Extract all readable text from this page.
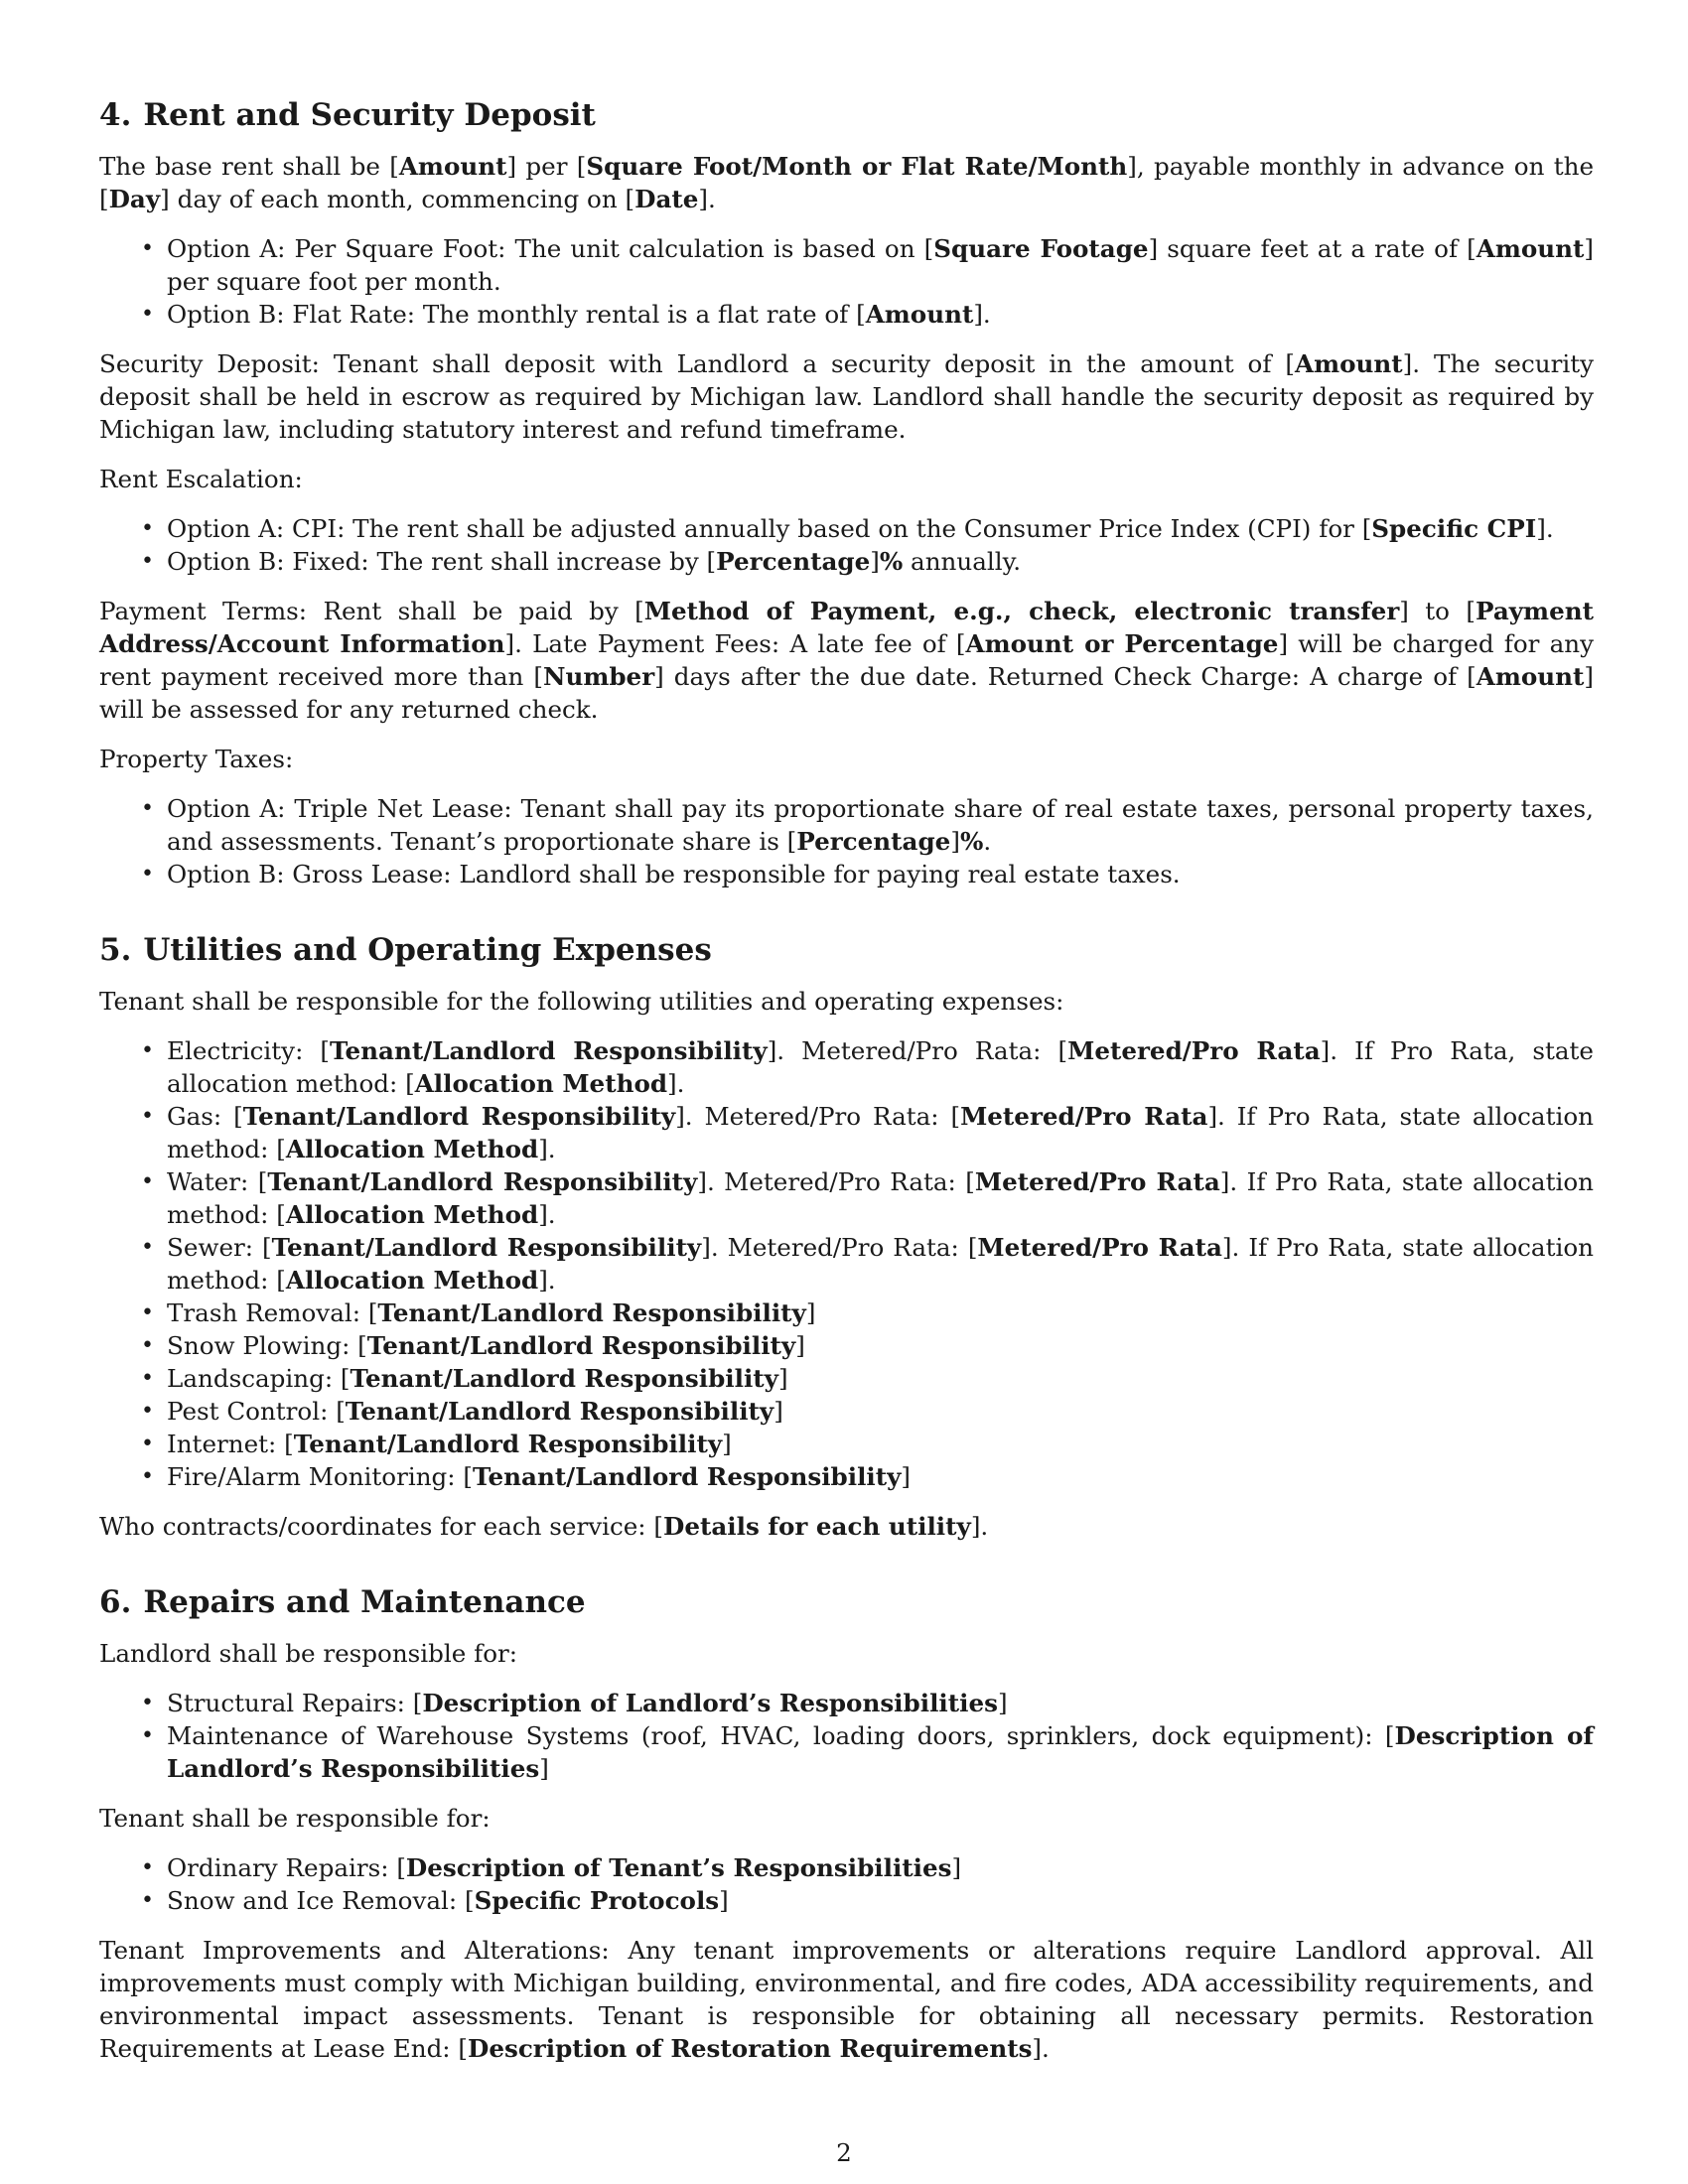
4. Rent and Security Deposit

The base rent shall be [Amount] per [Square Foot/Month or Flat Rate/Month], payable monthly in advance on the [Day] day of each month, commencing on [Date].

• Option A: Per Square Foot: The unit calculation is based on [Square Footage] square feet at a rate of [Amount] per square foot per month.
• Option B: Flat Rate: The monthly rental is a flat rate of [Amount].

Security Deposit: Tenant shall deposit with Landlord a security deposit in the amount of [Amount]. The security deposit shall be held in escrow as required by Michigan law. Landlord shall handle the security deposit as required by Michigan law, including statutory interest and refund timeframe.

Rent Escalation:

• Option A: CPI: The rent shall be adjusted annually based on the Consumer Price Index (CPI) for [Specific CPI].
• Option B: Fixed: The rent shall increase by [Percentage]% annually.

Payment Terms: Rent shall be paid by [Method of Payment, e.g., check, electronic transfer] to [Payment Address/Account Information]. Late Payment Fees: A late fee of [Amount or Percentage] will be charged for any rent payment received more than [Number] days after the due date. Returned Check Charge: A charge of [Amount] will be assessed for any returned check.

Property Taxes:

• Option A: Triple Net Lease: Tenant shall pay its proportionate share of real estate taxes, personal property taxes, and assessments. Tenant’s proportionate share is [Percentage]%.
• Option B: Gross Lease: Landlord shall be responsible for paying real estate taxes.
5. Utilities and Operating Expenses

Tenant shall be responsible for the following utilities and operating expenses:

• Electricity: [Tenant/Landlord Responsibility]. Metered/Pro Rata: [Metered/Pro Rata]. If Pro Rata, state allocation method: [Allocation Method].
• Gas: [Tenant/Landlord Responsibility]. Metered/Pro Rata: [Metered/Pro Rata]. If Pro Rata, state allocation method: [Allocation Method].
• Water: [Tenant/Landlord Responsibility]. Metered/Pro Rata: [Metered/Pro Rata]. If Pro Rata, state allocation method: [Allocation Method].
• Sewer: [Tenant/Landlord Responsibility]. Metered/Pro Rata: [Metered/Pro Rata]. If Pro Rata, state allocation method: [Allocation Method].
• Trash Removal: [Tenant/Landlord Responsibility]
• Snow Plowing: [Tenant/Landlord Responsibility]
• Landscaping: [Tenant/Landlord Responsibility]
• Pest Control: [Tenant/Landlord Responsibility]
• Internet: [Tenant/Landlord Responsibility]
• Fire/Alarm Monitoring: [Tenant/Landlord Responsibility]

Who contracts/coordinates for each service: [Details for each utility].

6. Repairs and Maintenance

Landlord shall be responsible for:

• Structural Repairs: [Description of Landlord’s Responsibilities]
• Maintenance of Warehouse Systems (roof, HVAC, loading doors, sprinklers, dock equipment): [Description of Landlord’s Responsibilities]

Tenant shall be responsible for:

• Ordinary Repairs: [Description of Tenant’s Responsibilities]
• Snow and Ice Removal: [Specific Protocols]

Tenant Improvements and Alterations: Any tenant improvements or alterations require Landlord approval. All improvements must comply with Michigan building, environmental, and fire codes, ADA accessibility requirements, and environmental impact assessments. Tenant is responsible for obtaining all necessary permits. Restoration Requirements at Lease End: [Description of Restoration Requirements].

2
